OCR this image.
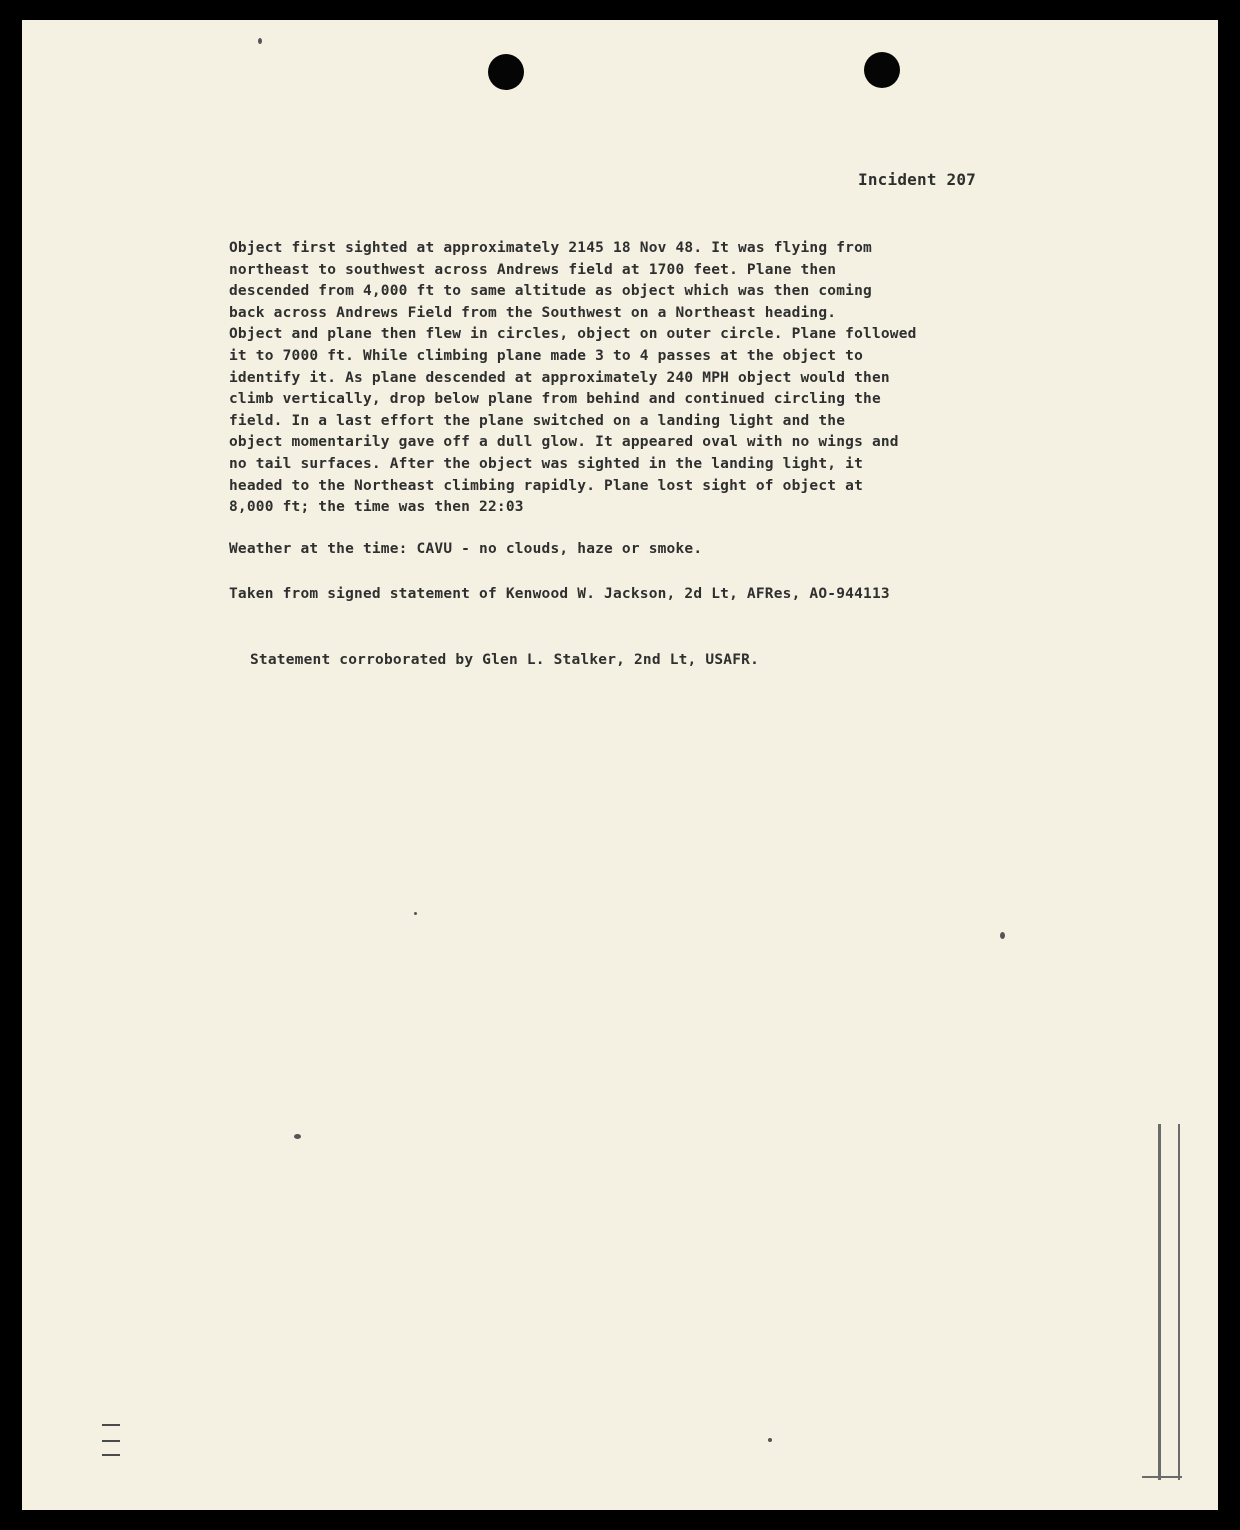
Incident 207
Object first sighted at approximately 2145 18 Nov 48. It was flying from
northeast to southwest across Andrews field at 1700 feet. Plane then
descended from 4,000 ft to same altitude as object which was then coming
back across Andrews Field from the Southwest on a Northeast heading.
Object and plane then flew in circles, object on outer circle. Plane followed
it to 7000 ft. While climbing plane made 3 to 4 passes at the object to
identify it. As plane descended at approximately 240 MPH object would then
climb vertically, drop below plane from behind and continued circling the
field. In a last effort the plane switched on a landing light and the
object momentarily gave off a dull glow. It appeared oval with no wings and
no tail surfaces. After the object was sighted in the landing light, it
headed to the Northeast climbing rapidly. Plane lost sight of object at
8,000 ft; the time was then 22:03
Weather at the time: CAVU - no clouds, haze or smoke.
Taken from signed statement of Kenwood W. Jackson, 2d Lt, AFRes, AO-944113
Statement corroborated by Glen L. Stalker, 2nd Lt, USAFR.
